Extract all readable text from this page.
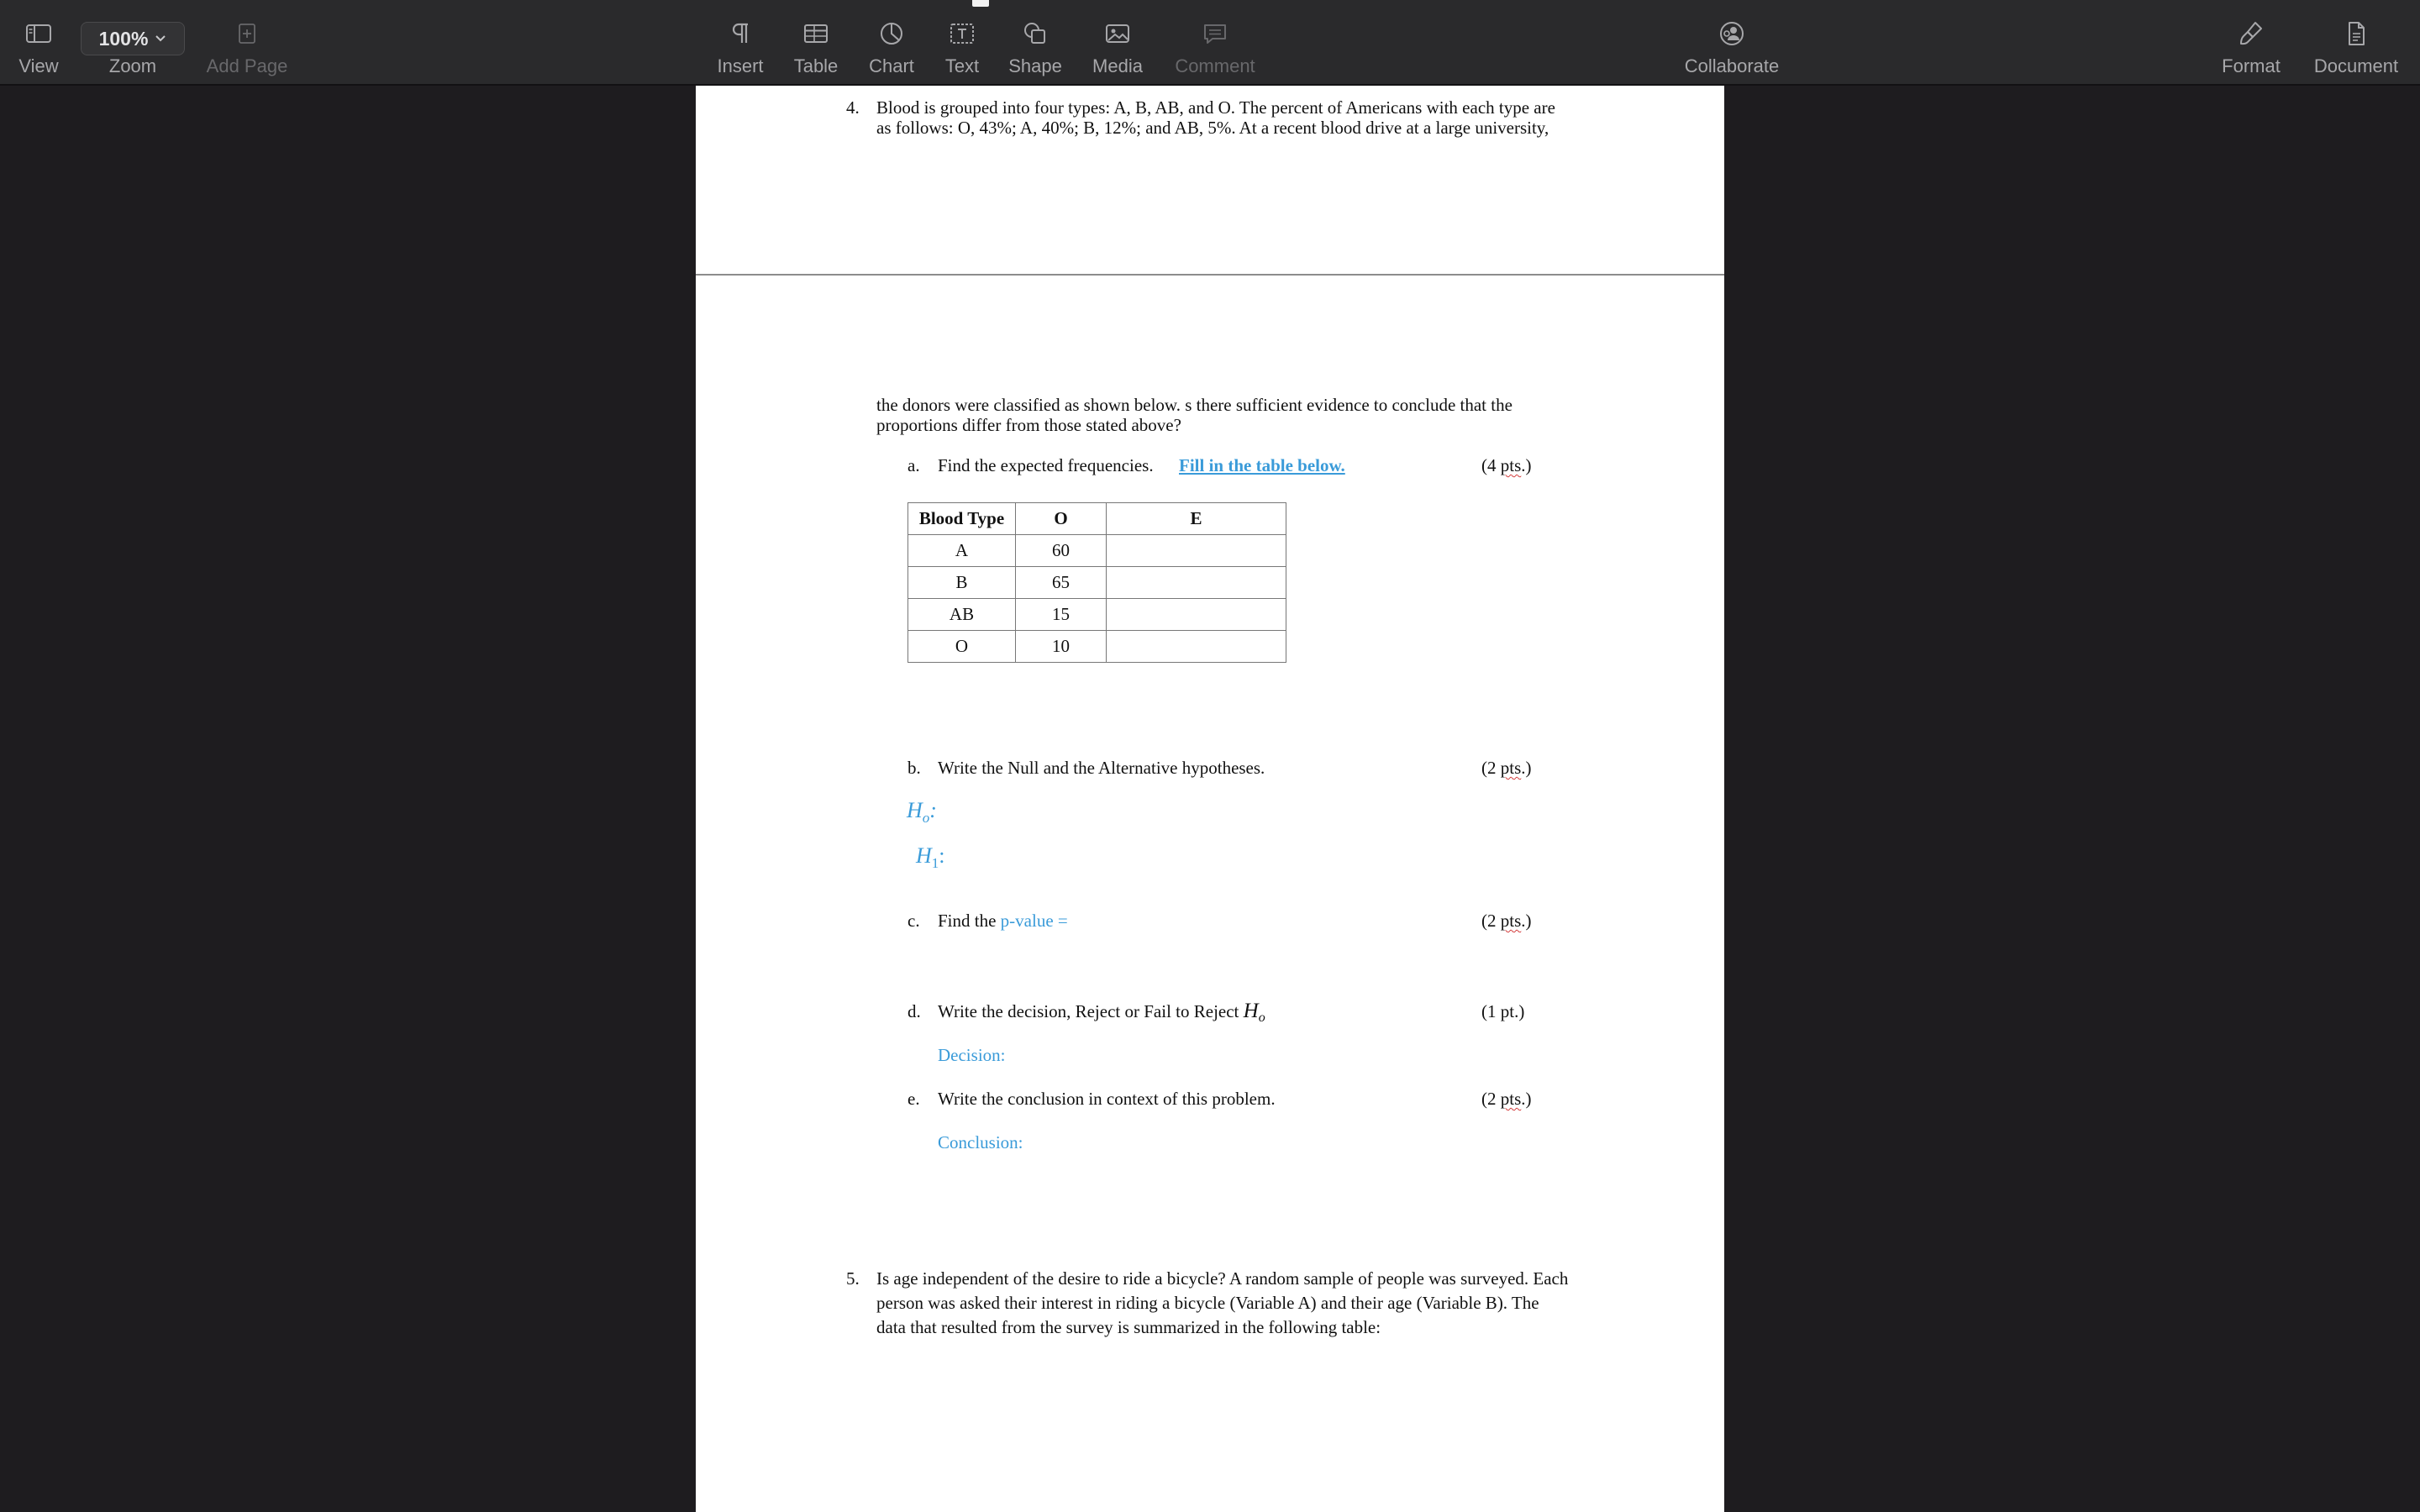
View
100%
Zoom	Add Page	Insert Table Chart Text Shape Media Comment	Collaborate	Format Document
4. Blood is grouped into four types: A, B, AB, and O. The percent of Americans with each type are
as follows: O, 43%; A, 40%; B, 12%; and AB, 5%. At a recent blood drive at a large university,
the donors were classified as shown below. s there sufficient evidence to conclude that the
proportions differ from those stated above?
a. Find the expected frequencies. Fill in the table below.	(4 pts.)
Blood Type	O	E
A	60	
B	65	
AB	15	
O	10	
b. Write the Null and the Alternative hypotheses.	(2 pts.)
$H_o$:
$H_1$:
c. Find the p-value =	(2 pts.)
d. Write the decision, Reject or Fail to Reject $H_o$	(1 pt.)
Decision:
e. Write the conclusion in context of this problem.	(2 pts.)
Conclusion:
5. Is age independent of the desire to ride a bicycle? A random sample of people was surveyed. Each
person was asked their interest in riding a bicycle (Variable A) and their age (Variable B). The
data that resulted from the survey is summarized in the following table:
